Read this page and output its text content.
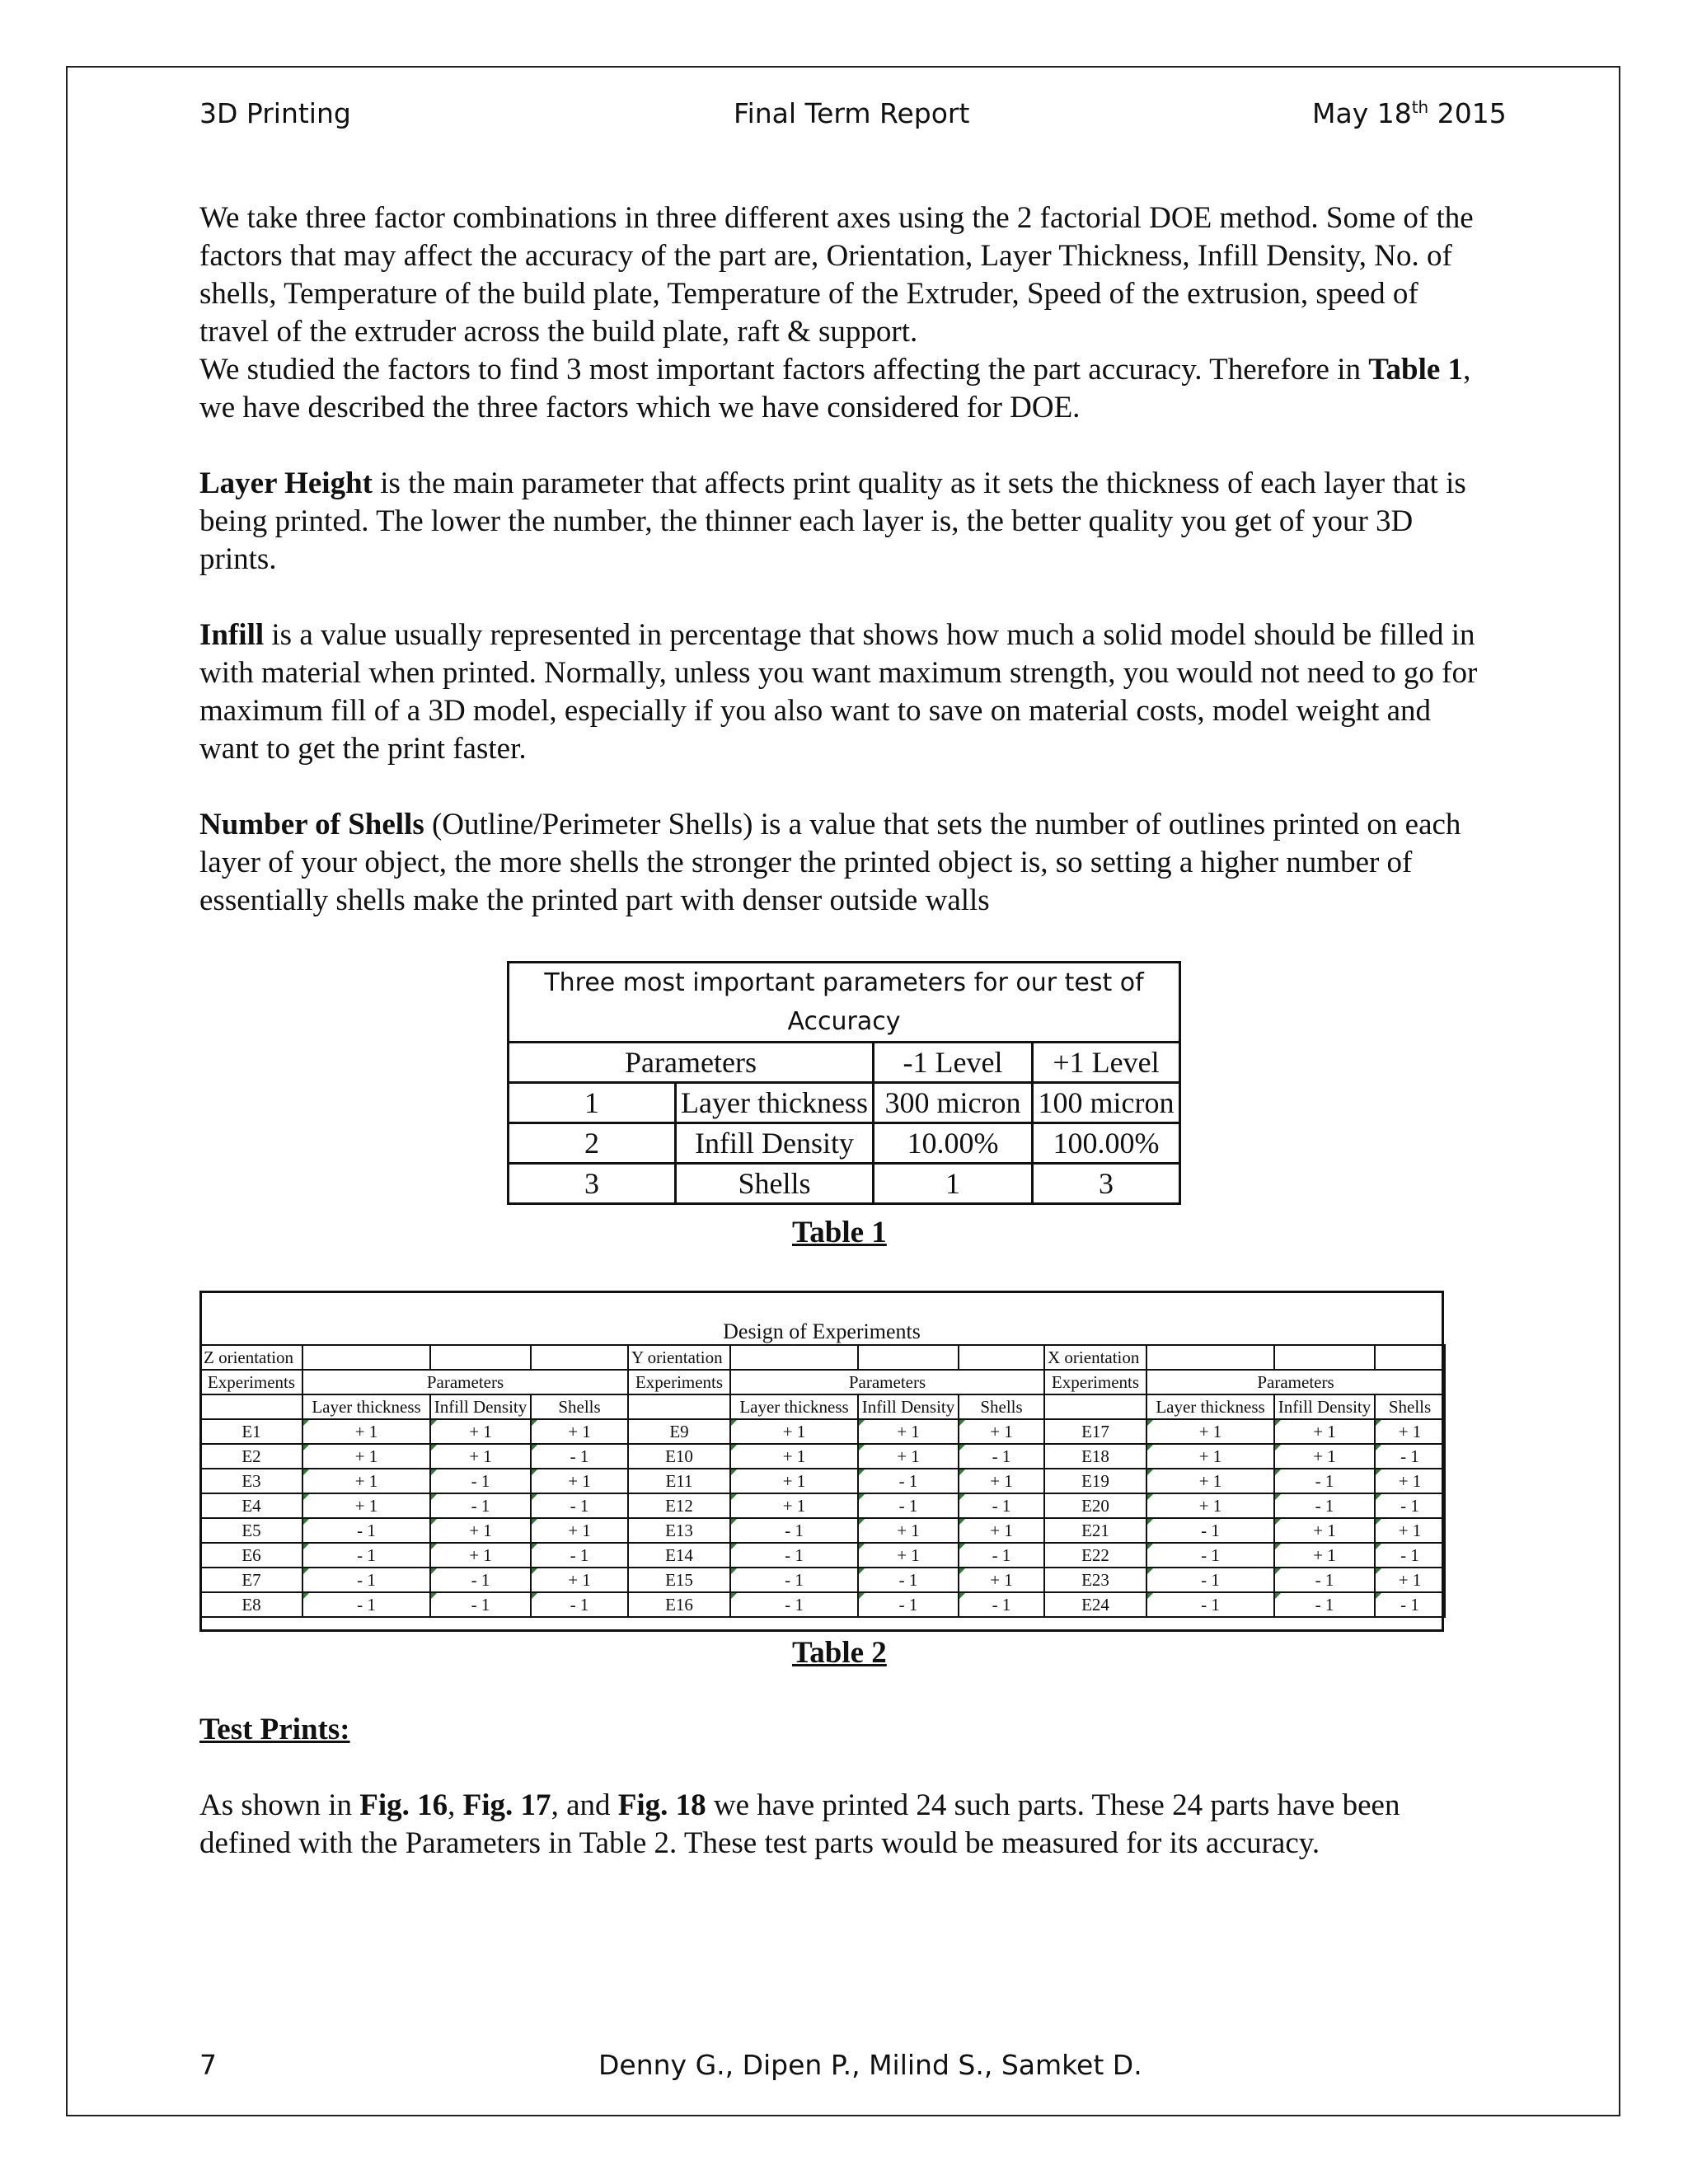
3D Printing	Final Term Report	May 18th 2015

We take three factor combinations in three different axes using the 2 factorial DOE method. Some of the factors that may affect the accuracy of the part are, Orientation, Layer Thickness, Infill Density, No. of shells, Temperature of the build plate, Temperature of the Extruder, Speed of the extrusion, speed of travel of the extruder across the build plate, raft & support.

We studied the factors to find 3 most important factors affecting the part accuracy. Therefore in Table 1, we have described the three factors which we have considered for DOE.

Layer Height is the main parameter that affects print quality as it sets the thickness of each layer that is being printed. The lower the number, the thinner each layer is, the better quality you get of your 3D prints.

Infill is a value usually represented in percentage that shows how much a solid model should be filled in with material when printed. Normally, unless you want maximum strength, you would not need to go for maximum fill of a 3D model, especially if you also want to save on material costs, model weight and want to get the print faster.

Number of Shells (Outline/Perimeter Shells) is a value that sets the number of outlines printed on each layer of your object, the more shells the stronger the printed object is, so setting a higher number of essentially shells make the printed part with denser outside walls

Three most important parameters for our test of Accuracy			
Parameters		-1 Level	+1 Level
1	Layer thickness	300 micron	100 micron
2	Infill Density	10.00%	100.00%
3	Shells	1	3
Table 1
Design of Experiments
Z orientation				Y orientation				X orientation			
Experiments	Parameters			Experiments	Parameters			Experiments	Parameters		
	Layer thickness	Infill Density	Shells		Layer thickness	Infill Density	Shells		Layer thickness	Infill Density	Shells
E1	+ 1	+ 1	+ 1	E9	+ 1	+ 1	+ 1	E17	+ 1	+ 1	+ 1
E2	+ 1	+ 1	- 1	E10	+ 1	+ 1	- 1	E18	+ 1	+ 1	- 1
E3	+ 1	- 1	+ 1	E11	+ 1	- 1	+ 1	E19	+ 1	- 1	+ 1
E4	+ 1	- 1	- 1	E12	+ 1	- 1	- 1	E20	+ 1	- 1	- 1
E5	- 1	+ 1	+ 1	E13	- 1	+ 1	+ 1	E21	- 1	+ 1	+ 1
E6	- 1	+ 1	- 1	E14	- 1	+ 1	- 1	E22	- 1	+ 1	- 1
E7	- 1	- 1	+ 1	E15	- 1	- 1	+ 1	E23	- 1	- 1	+ 1
E8	- 1	- 1	- 1	E16	- 1	- 1	- 1	E24	- 1	- 1	- 1
Table 2

Test Prints:

As shown in Fig. 16, Fig. 17, and Fig. 18 we have printed 24 such parts. These 24 parts have been defined with the Parameters in Table 2. These test parts would be measured for its accuracy.

7	Denny G., Dipen P., Milind S., Samket D.
